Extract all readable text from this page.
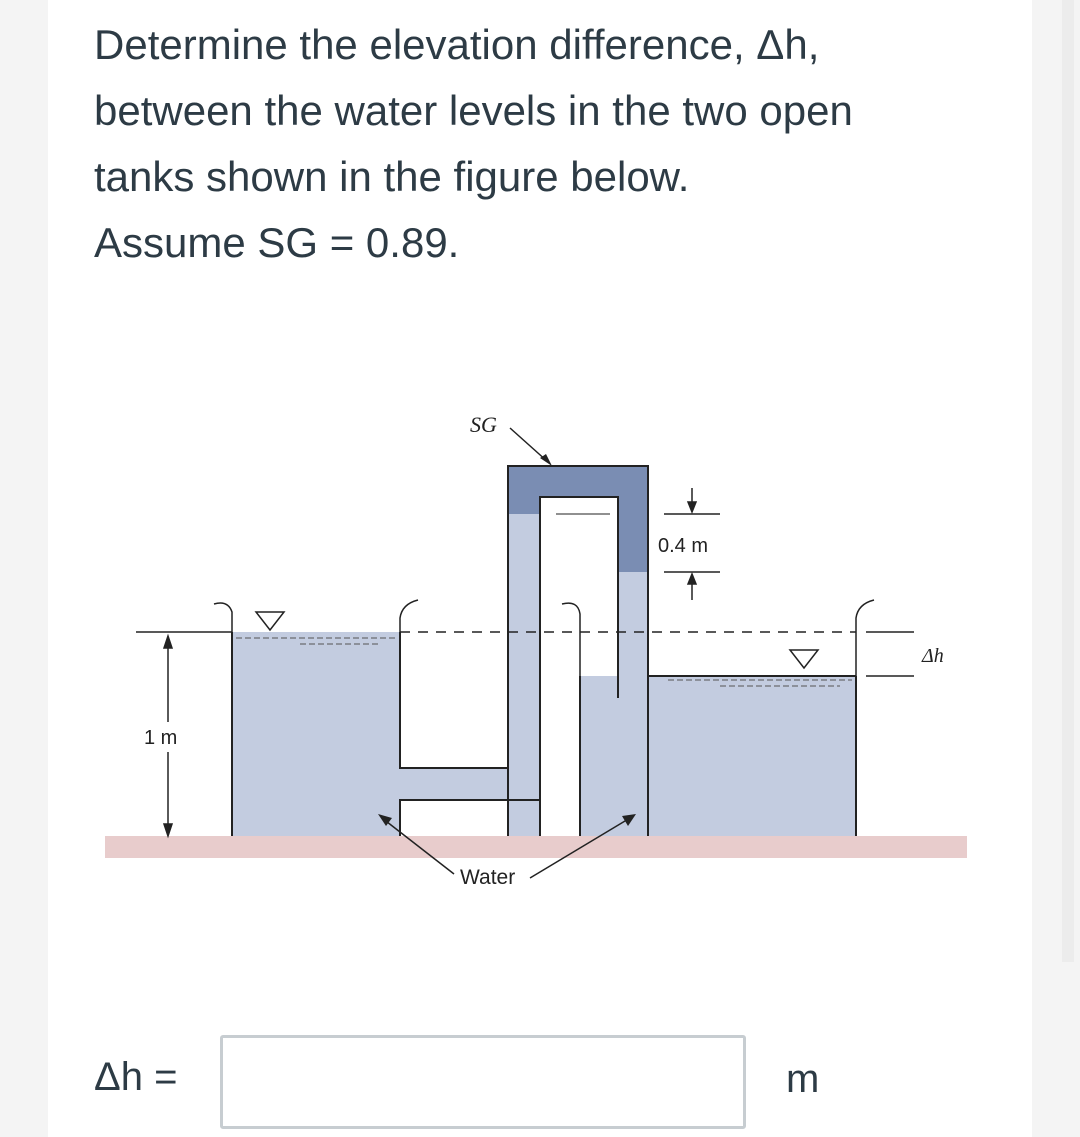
Determine the elevation difference, Δh,
between the water levels in the two open
tanks shown in the figure below.
Assume SG = 0.89.
1 m
0.4 m
Δh
SG
Water
Δh =	m
